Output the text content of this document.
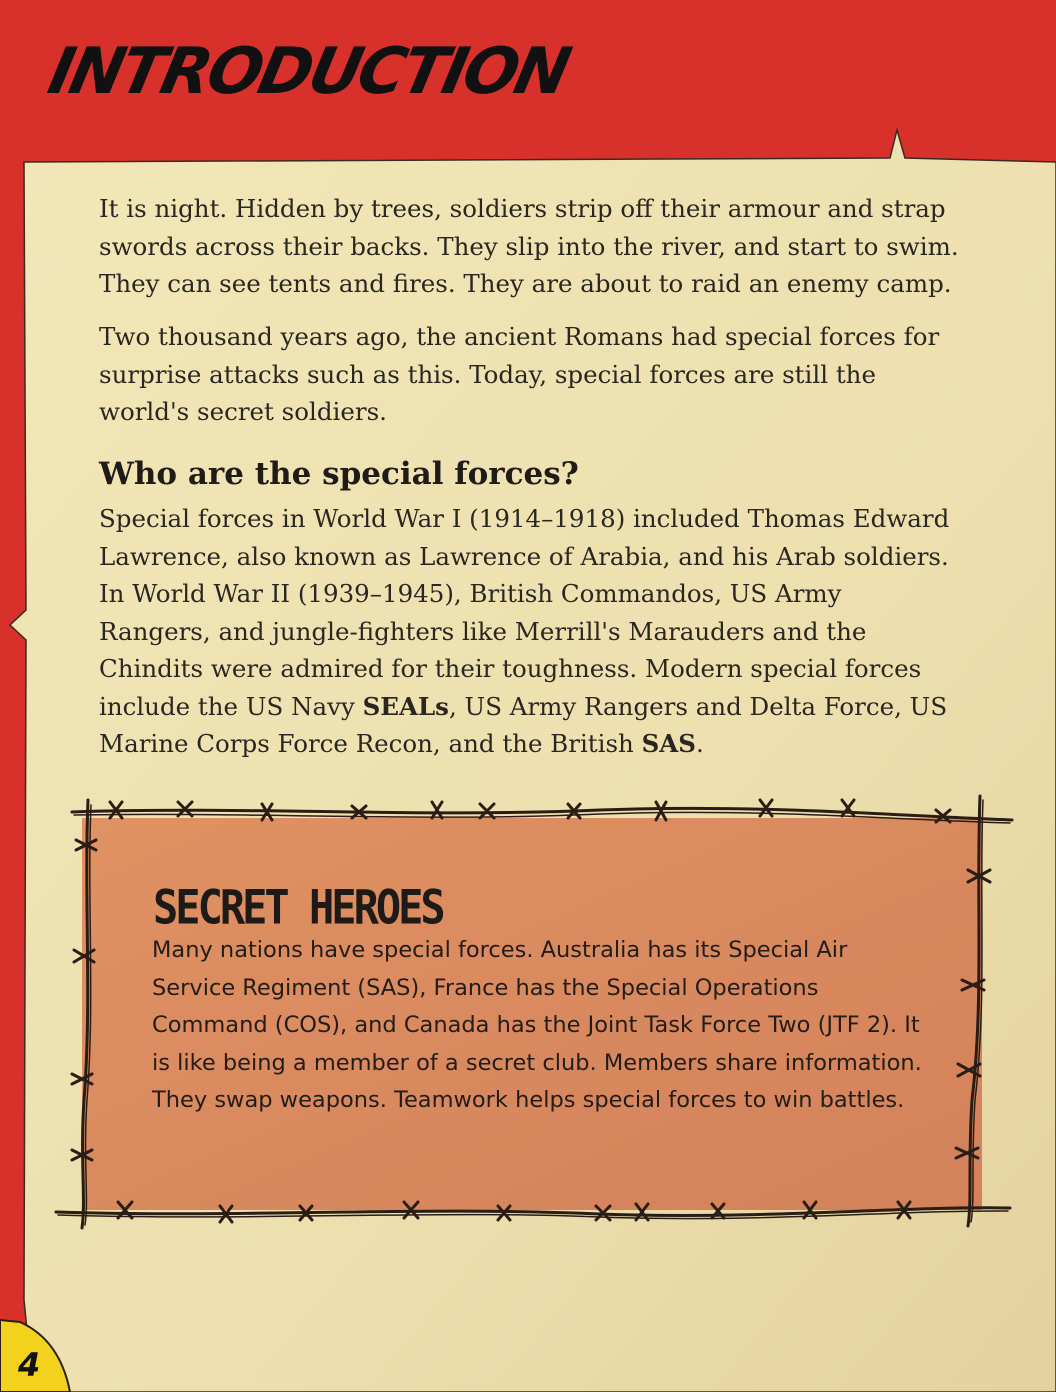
INTRODUCTION

It is night. Hidden by trees, soldiers strip off their armour and strap swords across their backs. They slip into the river, and start to swim. They can see tents and fires. They are about to raid an enemy camp.

Two thousand years ago, the ancient Romans had special forces for surprise attacks such as this. Today, special forces are still the world's secret soldiers.

Who are the special forces?

Special forces in World War I (1914–1918) included Thomas Edward Lawrence, also known as Lawrence of Arabia, and his Arab soldiers. In World War II (1939–1945), British Commandos, US Army Rangers, and jungle-fighters like Merrill's Marauders and the Chindits were admired for their toughness. Modern special forces include the US Navy SEALs, US Army Rangers and Delta Force, US Marine Corps Force Recon, and the British SAS.

SECRET HEROES

Many nations have special forces. Australia has its Special Air Service Regiment (SAS), France has the Special Operations Command (COS), and Canada has the Joint Task Force Two (JTF 2). It is like being a member of a secret club. Members share information. They swap weapons. Teamwork helps special forces to win battles.

4
